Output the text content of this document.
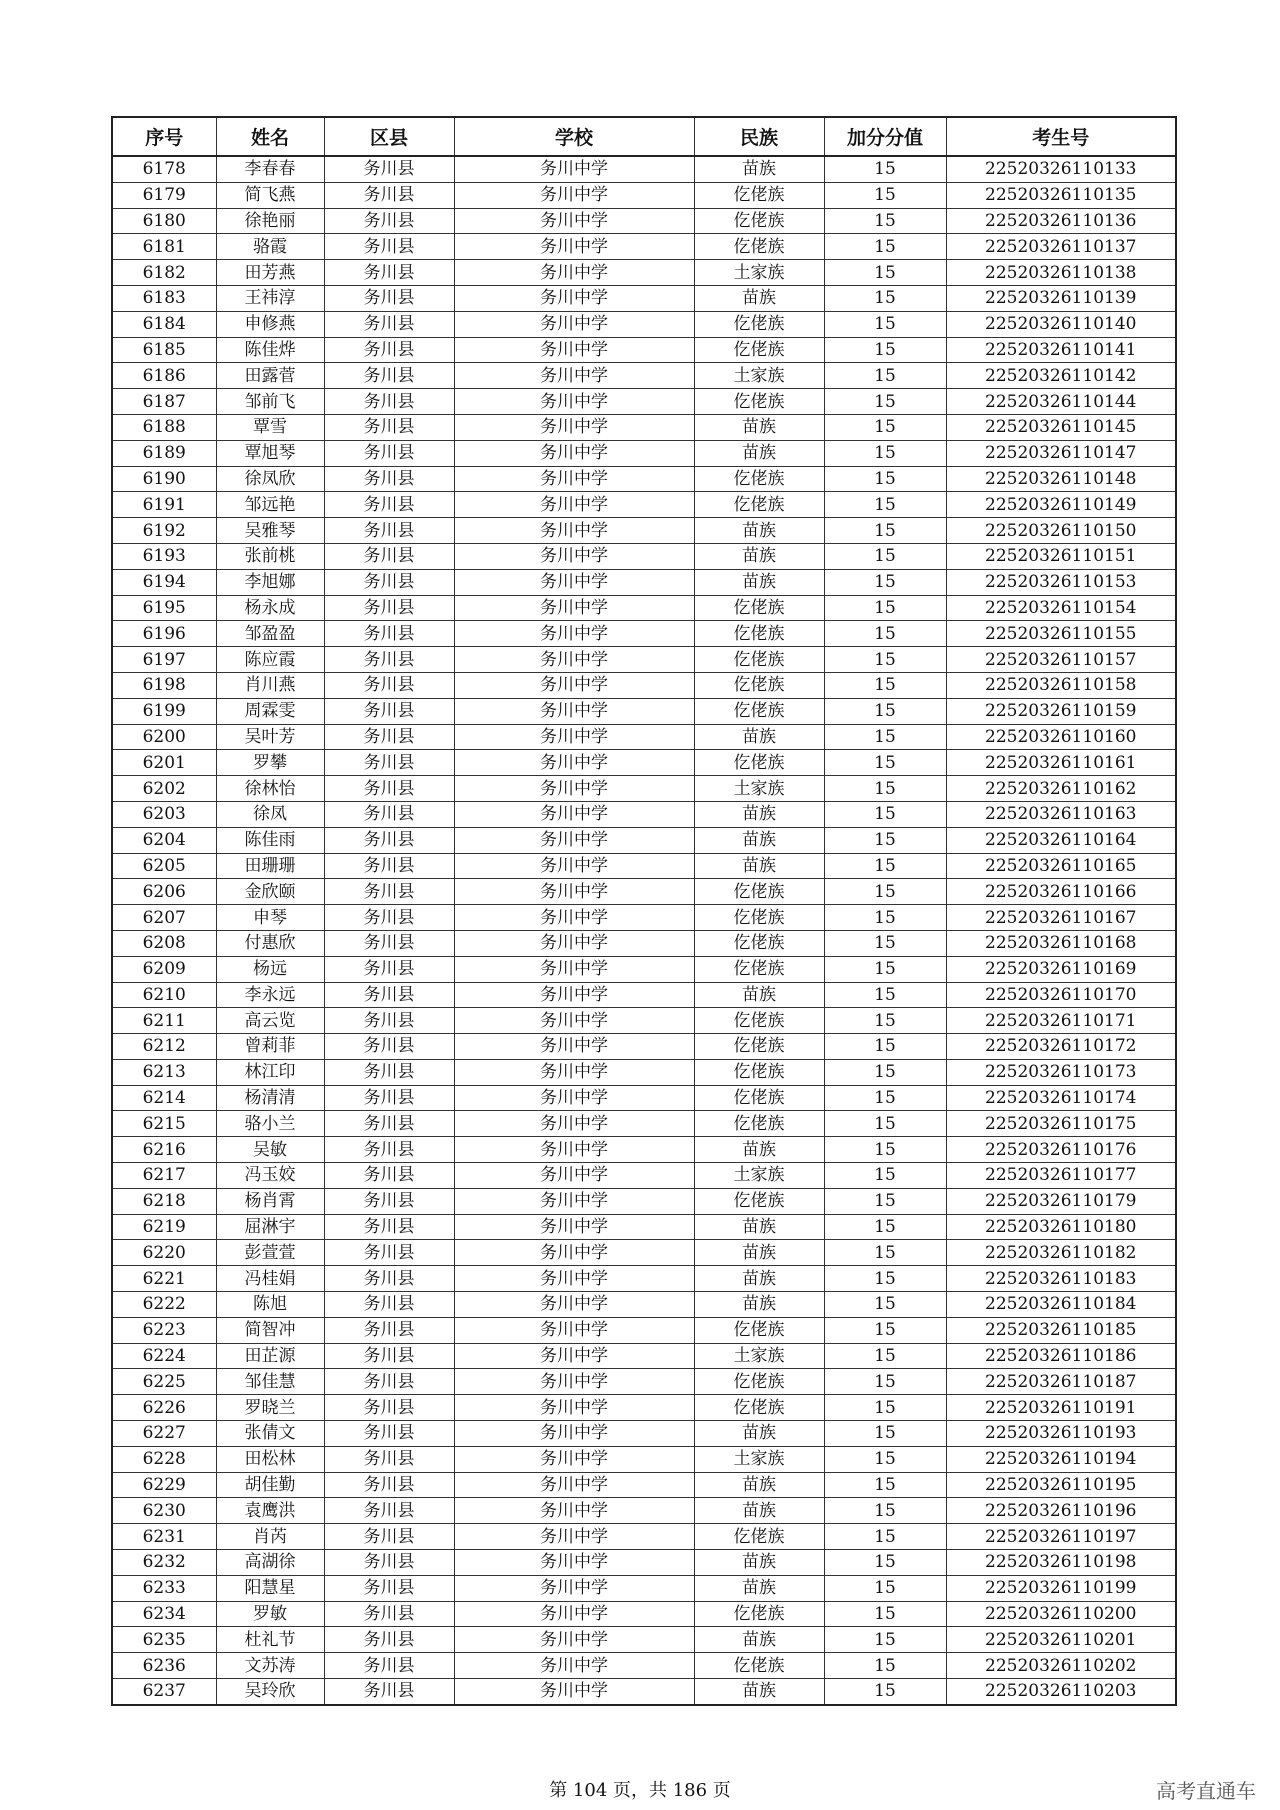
序号	姓名	区县	学校	民族	加分分值	考生号
6178	李春春	务川县	务川中学	苗族	15	22520326110133
6179	简飞燕	务川县	务川中学	仡佬族	15	22520326110135
6180	徐艳丽	务川县	务川中学	仡佬族	15	22520326110136
6181	骆霞	务川县	务川中学	仡佬族	15	22520326110137
6182	田芳燕	务川县	务川中学	土家族	15	22520326110138
6183	王祎淳	务川县	务川中学	苗族	15	22520326110139
6184	申修燕	务川县	务川中学	仡佬族	15	22520326110140
6185	陈佳烨	务川县	务川中学	仡佬族	15	22520326110141
6186	田露菅	务川县	务川中学	土家族	15	22520326110142
6187	邹前飞	务川县	务川中学	仡佬族	15	22520326110144
6188	覃雪	务川县	务川中学	苗族	15	22520326110145
6189	覃旭琴	务川县	务川中学	苗族	15	22520326110147
6190	徐凤欣	务川县	务川中学	仡佬族	15	22520326110148
6191	邹远艳	务川县	务川中学	仡佬族	15	22520326110149
6192	吴雅琴	务川县	务川中学	苗族	15	22520326110150
6193	张前桃	务川县	务川中学	苗族	15	22520326110151
6194	李旭娜	务川县	务川中学	苗族	15	22520326110153
6195	杨永成	务川县	务川中学	仡佬族	15	22520326110154
6196	邹盈盈	务川县	务川中学	仡佬族	15	22520326110155
6197	陈应霞	务川县	务川中学	仡佬族	15	22520326110157
6198	肖川燕	务川县	务川中学	仡佬族	15	22520326110158
6199	周霖雯	务川县	务川中学	仡佬族	15	22520326110159
6200	吴叶芳	务川县	务川中学	苗族	15	22520326110160
6201	罗攀	务川县	务川中学	仡佬族	15	22520326110161
6202	徐林怡	务川县	务川中学	土家族	15	22520326110162
6203	徐凤	务川县	务川中学	苗族	15	22520326110163
6204	陈佳雨	务川县	务川中学	苗族	15	22520326110164
6205	田珊珊	务川县	务川中学	苗族	15	22520326110165
6206	金欣颐	务川县	务川中学	仡佬族	15	22520326110166
6207	申琴	务川县	务川中学	仡佬族	15	22520326110167
6208	付惠欣	务川县	务川中学	仡佬族	15	22520326110168
6209	杨远	务川县	务川中学	仡佬族	15	22520326110169
6210	李永远	务川县	务川中学	苗族	15	22520326110170
6211	高云览	务川县	务川中学	仡佬族	15	22520326110171
6212	曾莉菲	务川县	务川中学	仡佬族	15	22520326110172
6213	林江印	务川县	务川中学	仡佬族	15	22520326110173
6214	杨清清	务川县	务川中学	仡佬族	15	22520326110174
6215	骆小兰	务川县	务川中学	仡佬族	15	22520326110175
6216	吴敏	务川县	务川中学	苗族	15	22520326110176
6217	冯玉姣	务川县	务川中学	土家族	15	22520326110177
6218	杨肖霄	务川县	务川中学	仡佬族	15	22520326110179
6219	屈淋宇	务川县	务川中学	苗族	15	22520326110180
6220	彭萱萱	务川县	务川中学	苗族	15	22520326110182
6221	冯桂娟	务川县	务川中学	苗族	15	22520326110183
6222	陈旭	务川县	务川中学	苗族	15	22520326110184
6223	简智冲	务川县	务川中学	仡佬族	15	22520326110185
6224	田芷源	务川县	务川中学	土家族	15	22520326110186
6225	邹佳慧	务川县	务川中学	仡佬族	15	22520326110187
6226	罗晓兰	务川县	务川中学	仡佬族	15	22520326110191
6227	张倩文	务川县	务川中学	苗族	15	22520326110193
6228	田松林	务川县	务川中学	土家族	15	22520326110194
6229	胡佳勤	务川县	务川中学	苗族	15	22520326110195
6230	袁鹰洪	务川县	务川中学	苗族	15	22520326110196
6231	肖芮	务川县	务川中学	仡佬族	15	22520326110197
6232	高湖徐	务川县	务川中学	苗族	15	22520326110198
6233	阳慧星	务川县	务川中学	苗族	15	22520326110199
6234	罗敏	务川县	务川中学	仡佬族	15	22520326110200
6235	杜礼节	务川县	务川中学	苗族	15	22520326110201
6236	文苏涛	务川县	务川中学	仡佬族	15	22520326110202
6237	吴玲欣	务川县	务川中学	苗族	15	22520326110203
第 104 页，共 186 页	高考直通车
